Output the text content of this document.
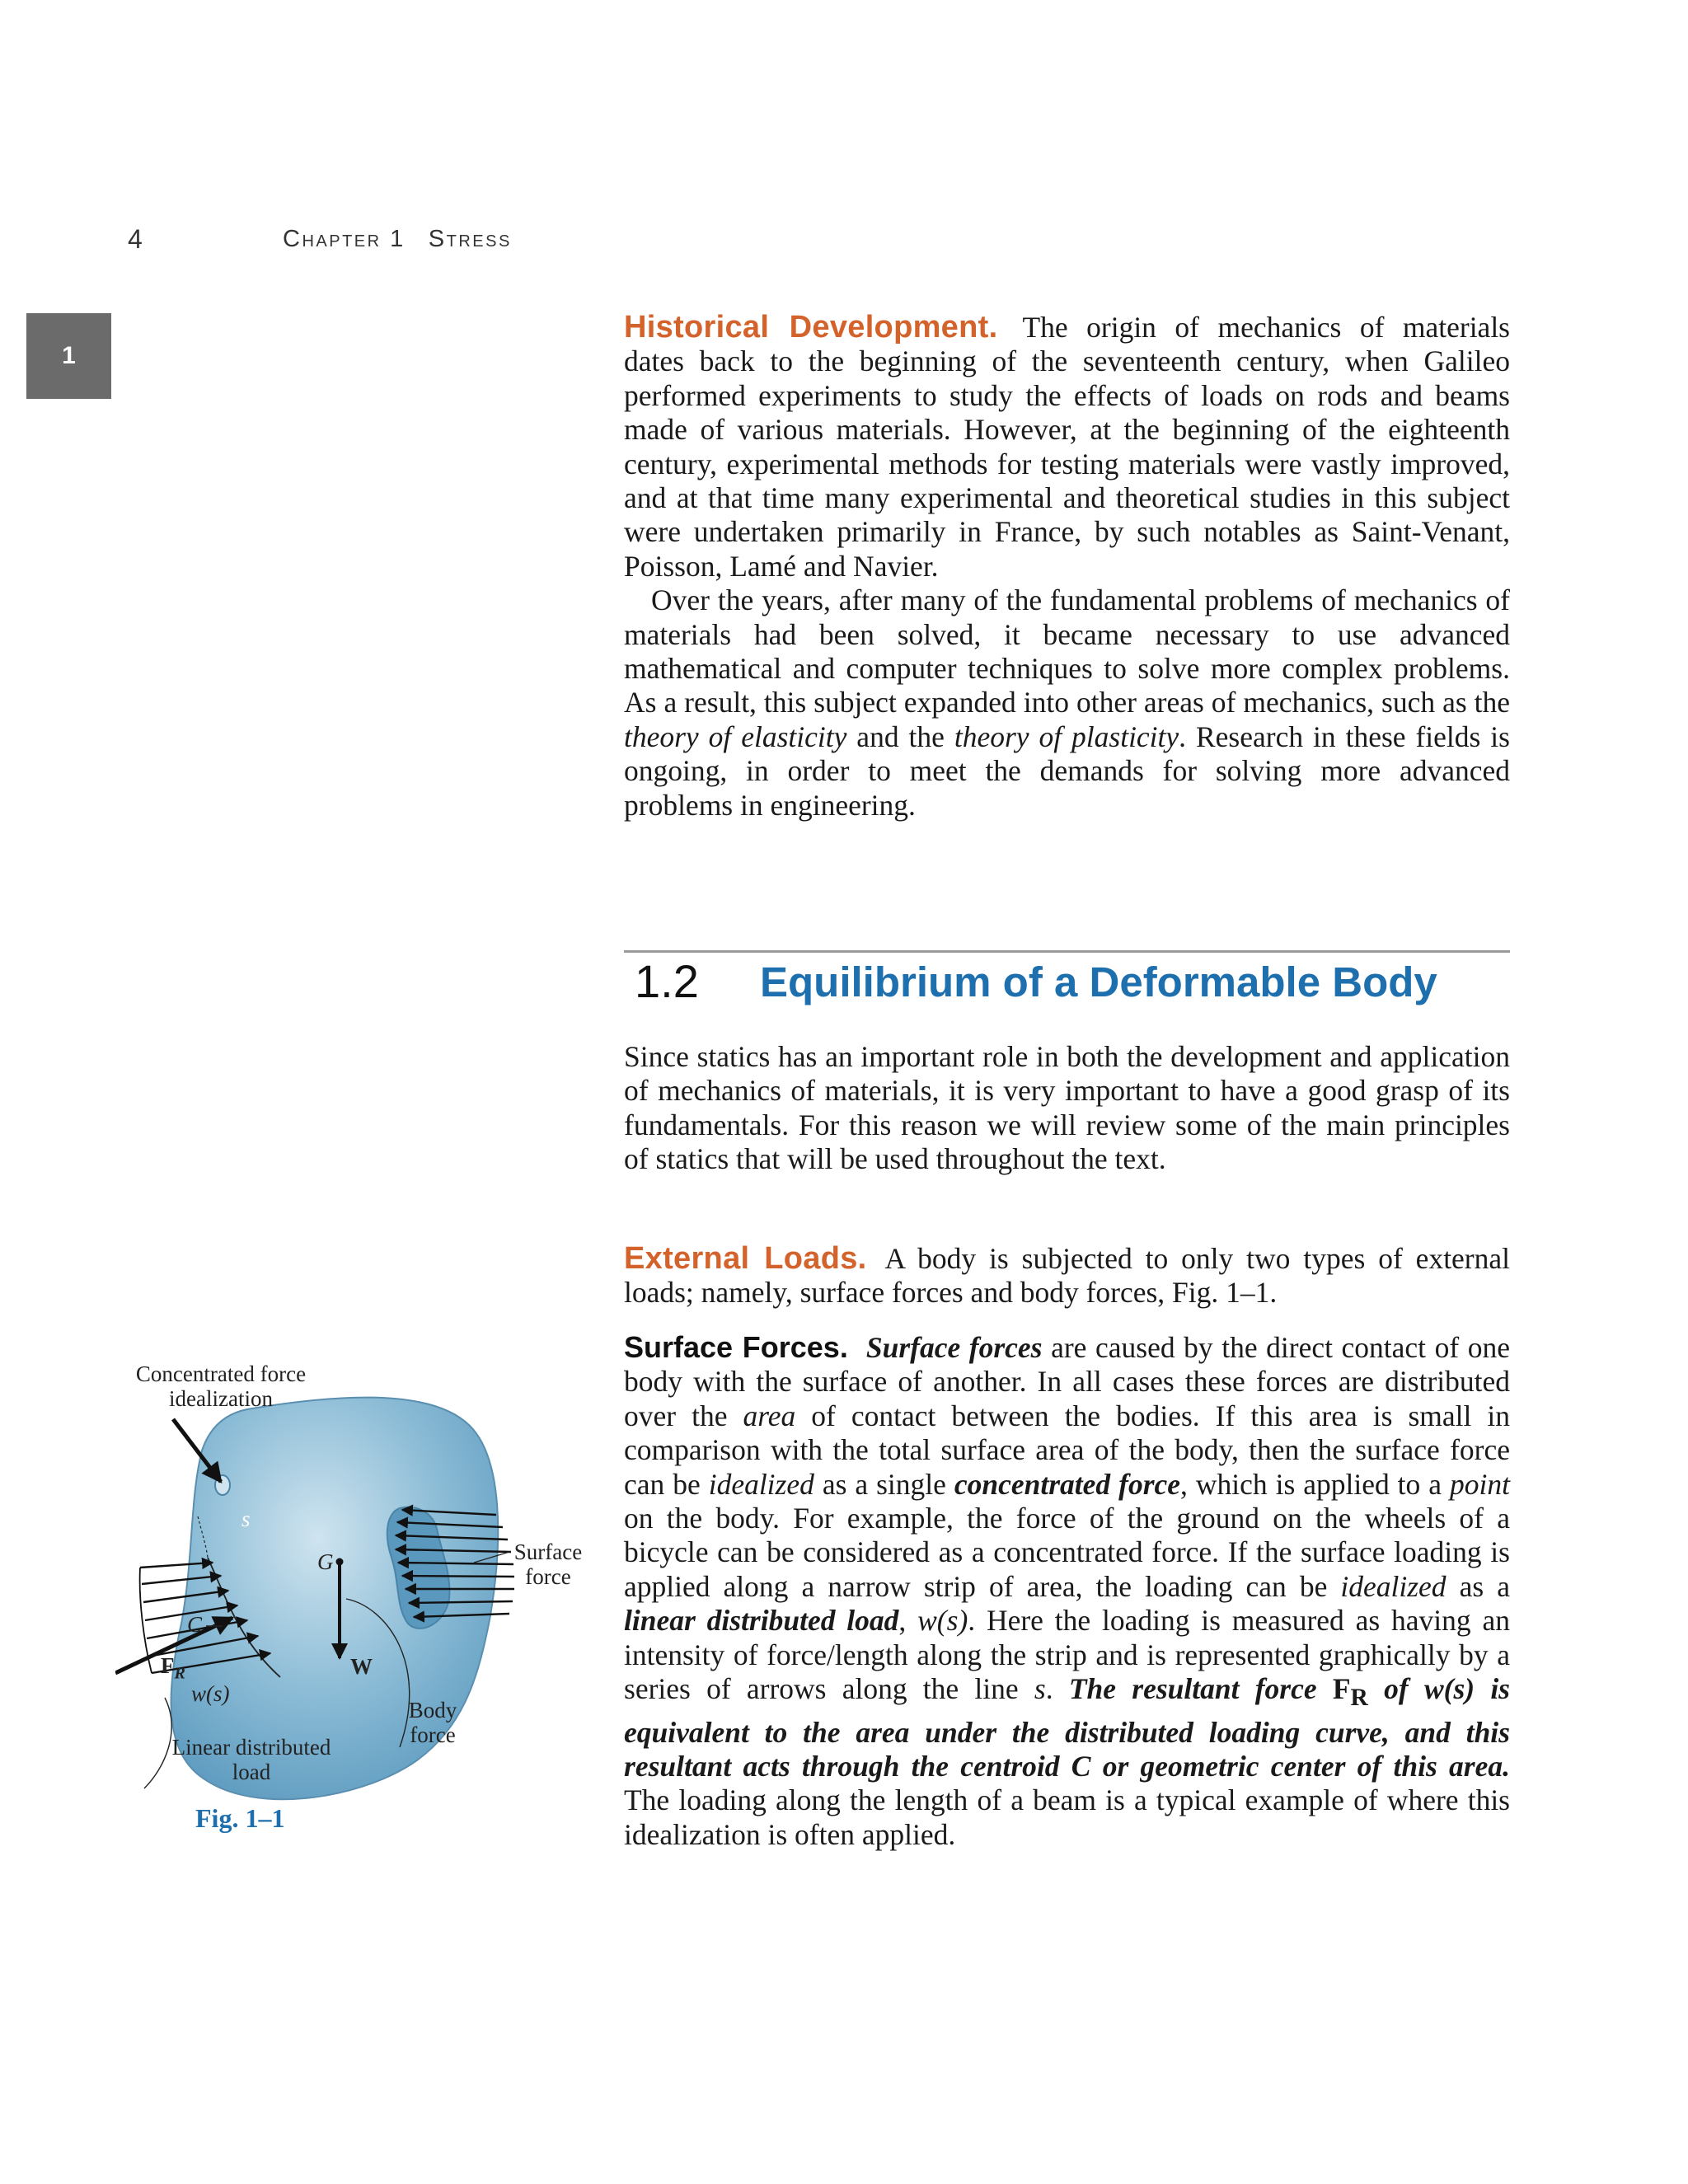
4	Chapter 1 Stress
1

Historical Development. The origin of mechanics of materials dates back to the beginning of the seventeenth century, when Galileo performed experiments to study the effects of loads on rods and beams made of various materials. However, at the beginning of the eighteenth century, experimental methods for testing materials were vastly improved, and at that time many experimental and theoretical studies in this subject were undertaken primarily in France, by such notables as Saint-Venant, Poisson, Lamé and Navier.

Over the years, after many of the fundamental problems of mechanics of materials had been solved, it became necessary to use advanced mathematical and computer techniques to solve more complex problems. As a result, this subject expanded into other areas of mechanics, such as the theory of elasticity and the theory of plasticity. Research in these fields is ongoing, in order to meet the demands for solving more advanced problems in engineering.

1.2 Equilibrium of a Deformable Body

Since statics has an important role in both the development and application of mechanics of materials, it is very important to have a good grasp of its fundamentals. For this reason we will review some of the main principles of statics that will be used throughout the text.

External Loads. A body is subjected to only two types of external loads; namely, surface forces and body forces, Fig. 1–1.

Surface Forces. Surface forces are caused by the direct contact of one body with the surface of another. In all cases these forces are distributed over the area of contact between the bodies. If this area is small in comparison with the total surface area of the body, then the surface force can be idealized as a single concentrated force, which is applied to a point on the body. For example, the force of the ground on the wheels of a bicycle can be considered as a concentrated force. If the surface loading is applied along a narrow strip of area, the loading can be idealized as a linear distributed load, w(s). Here the loading is measured as having an intensity of force/length along the strip and is represented graphically by a series of arrows along the line s. The resultant force $F_R$ of w(s) is equivalent to the area under the distributed loading curve, and this resultant acts through the centroid C or geometric center of this area. The loading along the length of a beam is a typical example of where this idealization is often applied.

Concentrated force idealization
Surface force
Body force
Linear distributed load
s
G
C
W
$F_R$
w(s)
Fig. 1–1
